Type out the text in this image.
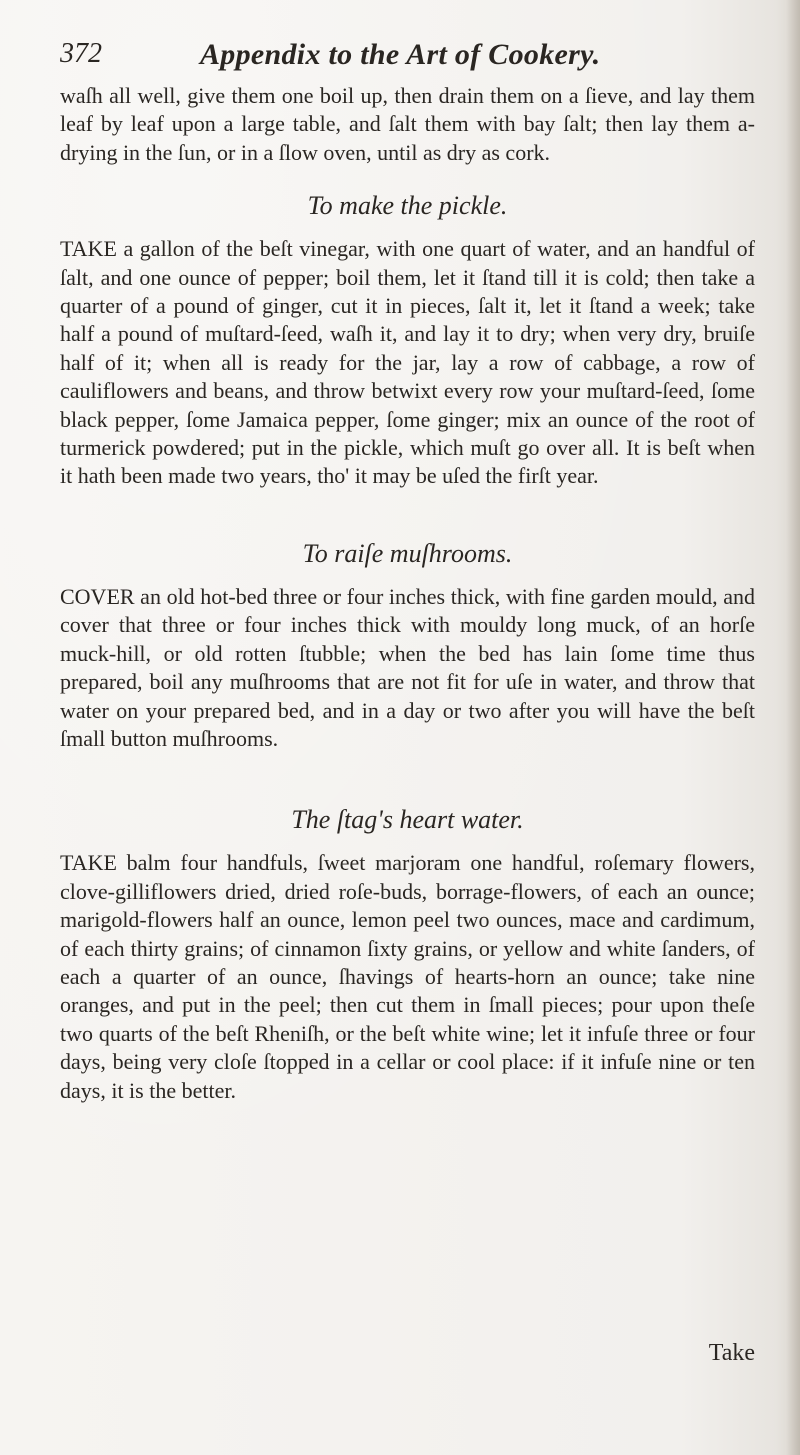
372	Appendix to the Art of Cookery.

waſh all well, give them one boil up, then drain them on a ſieve, and lay them leaf by leaf upon a large table, and ſalt them with bay ſalt; then lay them a-drying in the ſun, or in a ſlow oven, until as dry as cork.

To make the pickle.

TAKE a gallon of the beſt vinegar, with one quart of water, and an handful of ſalt, and one ounce of pepper; boil them, let it ſtand till it is cold; then take a quarter of a pound of ginger, cut it in pieces, ſalt it, let it ſtand a week; take half a pound of muſtard-ſeed, waſh it, and lay it to dry; when very dry, bruiſe half of it; when all is ready for the jar, lay a row of cabbage, a row of cauliflowers and beans, and throw betwixt every row your muſtard-ſeed, ſome black pepper, ſome Jamaica pepper, ſome ginger; mix an ounce of the root of turmerick powdered; put in the pickle, which muſt go over all. It is beſt when it hath been made two years, tho' it may be uſed the firſt year.

To raiſe muſhrooms.

COVER an old hot-bed three or four inches thick, with fine garden mould, and cover that three or four inches thick with mouldy long muck, of an horſe muck-hill, or old rotten ſtubble; when the bed has lain ſome time thus prepared, boil any muſhrooms that are not fit for uſe in water, and throw that water on your prepared bed, and in a day or two after you will have the beſt ſmall button muſhrooms.

The ſtag's heart water.

TAKE balm four handfuls, ſweet marjoram one handful, roſemary flowers, clove-gilliflowers dried, dried roſe-buds, borrage-flowers, of each an ounce; marigold-flowers half an ounce, lemon peel two ounces, mace and cardimum, of each thirty grains; of cinnamon ſixty grains, or yellow and white ſanders, of each a quarter of an ounce, ſhavings of hearts-horn an ounce; take nine oranges, and put in the peel; then cut them in ſmall pieces; pour upon theſe two quarts of the beſt Rheniſh, or the beſt white wine; let it infuſe three or four days, being very cloſe ſtopped in a cellar or cool place: if it infuſe nine or ten days, it is the better.

Take
